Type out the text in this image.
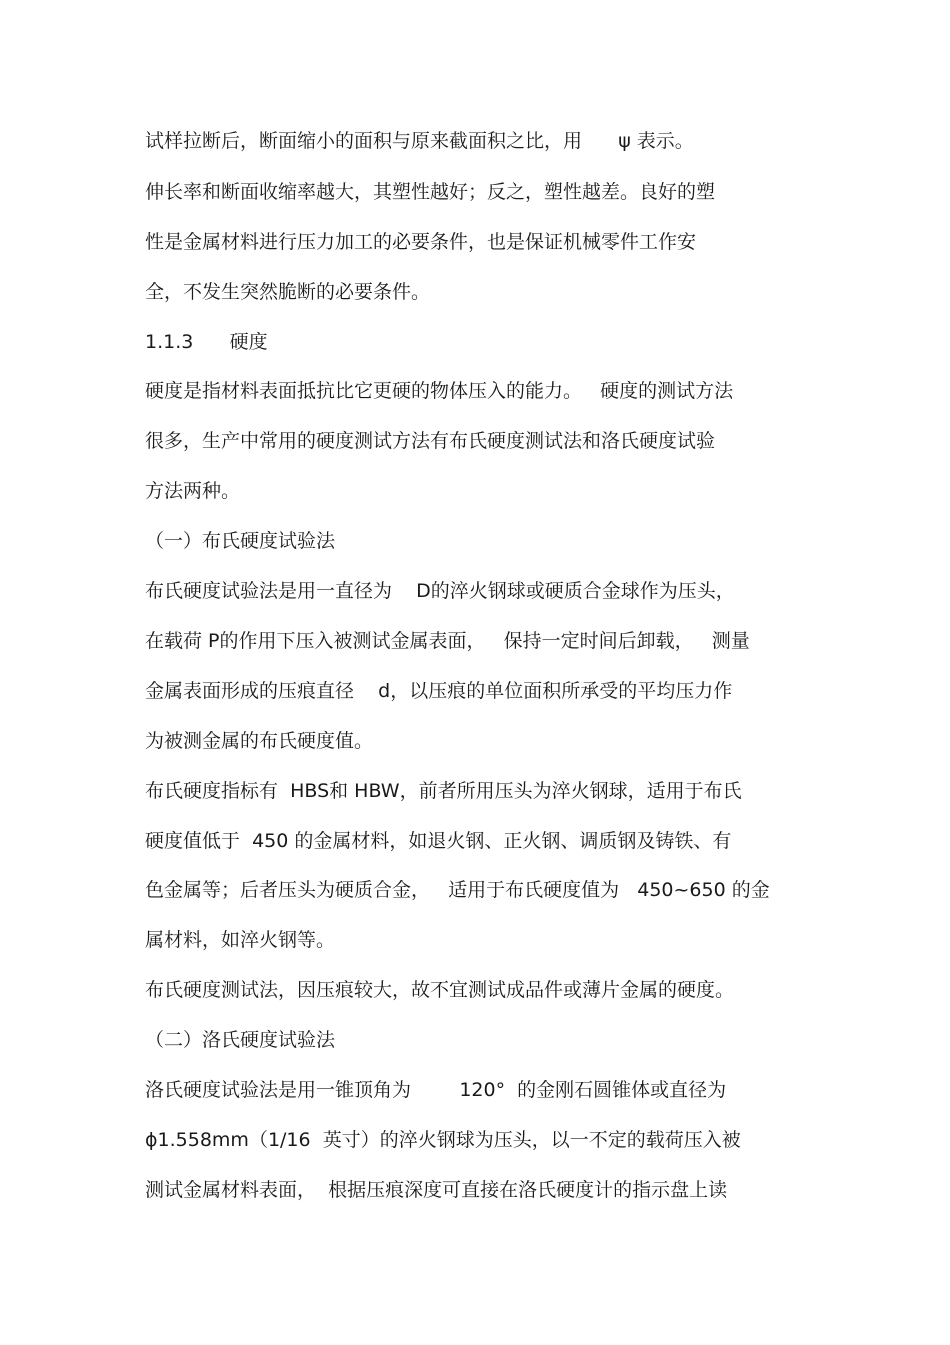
试样拉断后，断面缩小的面积与原来截面积之比，用      ψ 表示。
伸长率和断面收缩率越大，其塑性越好；反之，塑性越差。良好的塑
性是金属材料进行压力加工的必要条件，也是保证机械零件工作安
全，不发生突然脆断的必要条件。
1.1.3      硬度
硬度是指材料表面抵抗比它更硬的物体压入的能力。   硬度的测试方法
很多，生产中常用的硬度测试方法有布氏硬度测试法和洛氏硬度试验
方法两种。
（一）布氏硬度试验法
布氏硬度试验法是用一直径为    D的淬火钢球或硬质合金球作为压头，
在载荷 P的作用下压入被测试金属表面，   保持一定时间后卸载，   测量
金属表面形成的压痕直径    d，以压痕的单位面积所承受的平均压力作
为被测金属的布氏硬度值。
布氏硬度指标有  HBS和 HBW，前者所用压头为淬火钢球，适用于布氏
硬度值低于  450 的金属材料，如退火钢、正火钢、调质钢及铸铁、有
色金属等；后者压头为硬质合金，   适用于布氏硬度值为   450~650 的金
属材料，如淬火钢等。
布氏硬度测试法，因压痕较大，故不宜测试成品件或薄片金属的硬度。
（二）洛氏硬度试验法
洛氏硬度试验法是用一锥顶角为        120°  的金刚石圆锥体或直径为
ϕ1.558mm（1/16  英寸）的淬火钢球为压头，以一不定的载荷压入被
测试金属材料表面，  根据压痕深度可直接在洛氏硬度计的指示盘上读
